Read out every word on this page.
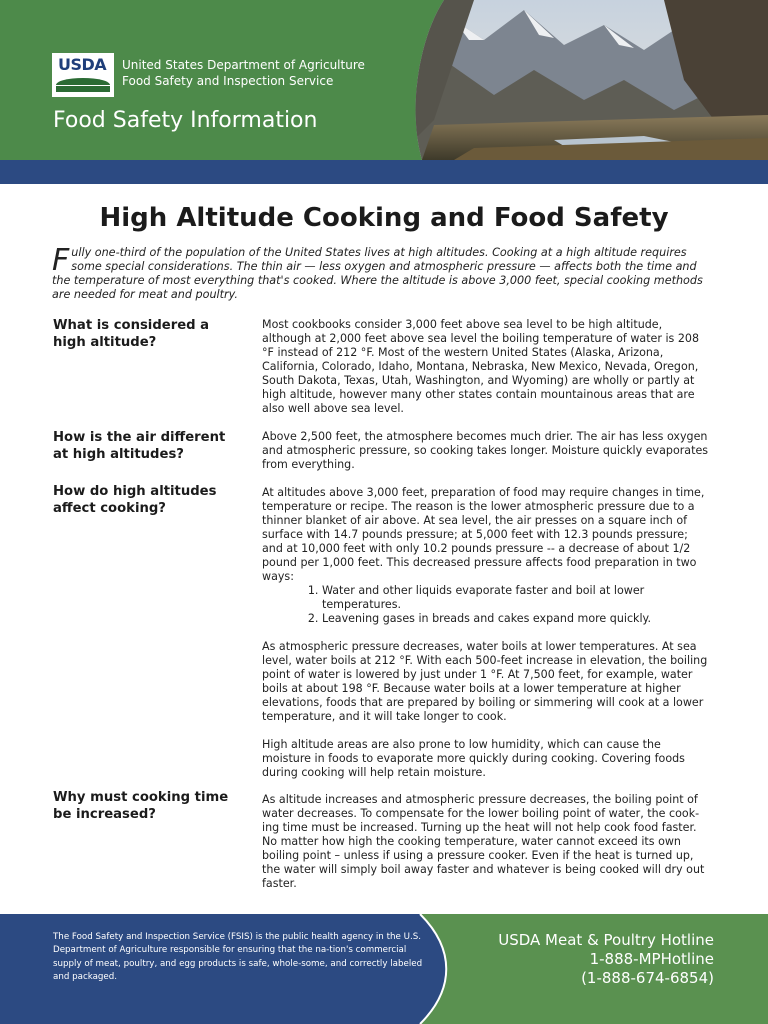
USDA United States Department of Agriculture
Food Safety and Inspection Service
Food Safety Information
High Altitude Cooking and Food Safety

Fully one-third of the population of the United States lives at high altitudes. Cooking at a high altitude requires some special considerations. The thin air — less oxygen and atmospheric pressure — affects both the time and the temperature of most everything that's cooked. Where the altitude is above 3,000 feet, special cooking methods are needed for meat and poultry.

What is considered a high altitude?

Most cookbooks consider 3,000 feet above sea level to be high altitude, although at 2,000 feet above sea level the boiling temperature of water is 208 °F instead of 212 °F. Most of the western United States (Alaska, Arizona, California, Colorado, Idaho, Montana, Nebraska, New Mexico, Nevada, Oregon, South Dakota, Texas, Utah, Washington, and Wyoming) are wholly or partly at high altitude, however many other states contain mountainous areas that are also well above sea level.

How is the air different at high altitudes?

Above 2,500 feet, the atmosphere becomes much drier. The air has less oxygen and atmospheric pressure, so cooking takes longer. Moisture quickly evaporates from everything.

How do high altitudes affect cooking?

At altitudes above 3,000 feet, preparation of food may require changes in time, temperature or recipe. The reason is the lower atmospheric pressure due to a thinner blanket of air above. At sea level, the air presses on a square inch of surface with 14.7 pounds pressure; at 5,000 feet with 12.3 pounds pressure; and at 10,000 feet with only 10.2 pounds pressure -- a decrease of about 1/2 pound per 1,000 feet. This decreased pressure affects food preparation in two ways:

1. Water and other liquids evaporate faster and boil at lower temperatures.
2. Leavening gases in breads and cakes expand more quickly.

As atmospheric pressure decreases, water boils at lower temperatures. At sea level, water boils at 212 °F. With each 500-feet increase in elevation, the boiling point of water is lowered by just under 1 °F. At 7,500 feet, for example, water boils at about 198 °F. Because water boils at a lower temperature at higher elevations, foods that are prepared by boiling or simmering will cook at a lower temperature, and it will take longer to cook.

High altitude areas are also prone to low humidity, which can cause the moisture in foods to evaporate more quickly during cooking. Covering foods during cooking will help retain moisture.

Why must cooking time be increased?

As altitude increases and atmospheric pressure decreases, the boiling point of water decreases. To compensate for the lower boiling point of water, the cook-ing time must be increased. Turning up the heat will not help cook food faster. No matter how high the cooking temperature, water cannot exceed its own boiling point – unless if using a pressure cooker. Even if the heat is turned up, the water will simply boil away faster and whatever is being cooked will dry out faster.

The Food Safety and Inspection Service (FSIS) is the public health agency in the U.S. Department of Agriculture responsible for ensuring that the na-tion's commercial supply of meat, poultry, and egg products is safe, whole-some, and correctly labeled and packaged.

USDA Meat & Poultry Hotline
1-888-MPHotline
(1-888-674-6854)
